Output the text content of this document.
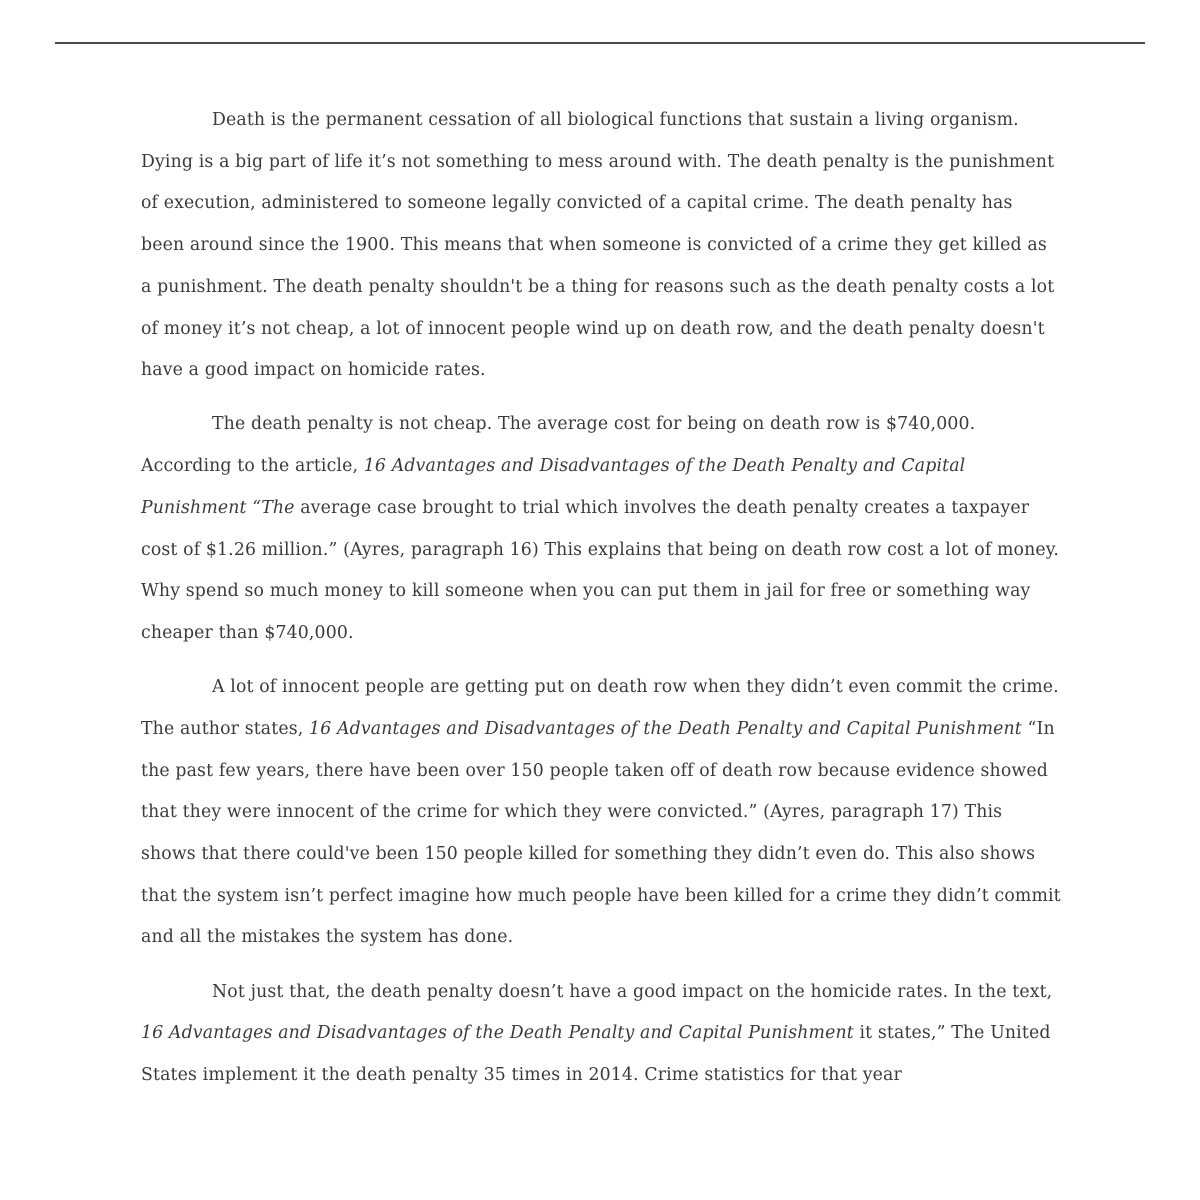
Death is the permanent cessation of all biological functions that sustain a living organism. Dying is a big part of life it’s not something to mess around with. The death penalty is the punishment of execution, administered to someone legally convicted of a capital crime. The death penalty has been around since the 1900. This means that when someone is convicted of a crime they get killed as a punishment. The death penalty shouldn't be a thing for reasons such as the death penalty costs a lot of money it’s not cheap, a lot of innocent people wind up on death row, and the death penalty doesn't have a good impact on homicide rates.

The death penalty is not cheap. The average cost for being on death row is $740,000. According to the article, 16 Advantages and Disadvantages of the Death Penalty and Capital Punishment “The average case brought to trial which involves the death penalty creates a taxpayer cost of $1.26 million.” (Ayres, paragraph 16) This explains that being on death row cost a lot of money. Why spend so much money to kill someone when you can put them in jail for free or something way cheaper than $740,000.

A lot of innocent people are getting put on death row when they didn’t even commit the crime. The author states, 16 Advantages and Disadvantages of the Death Penalty and Capital Punishment “In the past few years, there have been over 150 people taken off of death row because evidence showed that they were innocent of the crime for which they were convicted.” (Ayres, paragraph 17) This shows that there could've been 150 people killed for something they didn’t even do. This also shows that the system isn’t perfect imagine how much people have been killed for a crime they didn’t commit and all the mistakes the system has done.

Not just that, the death penalty doesn’t have a good impact on the homicide rates. In the text, 16 Advantages and Disadvantages of the Death Penalty and Capital Punishment it states,” The United States implement it the death penalty 35 times in 2014. Crime statistics for that year
